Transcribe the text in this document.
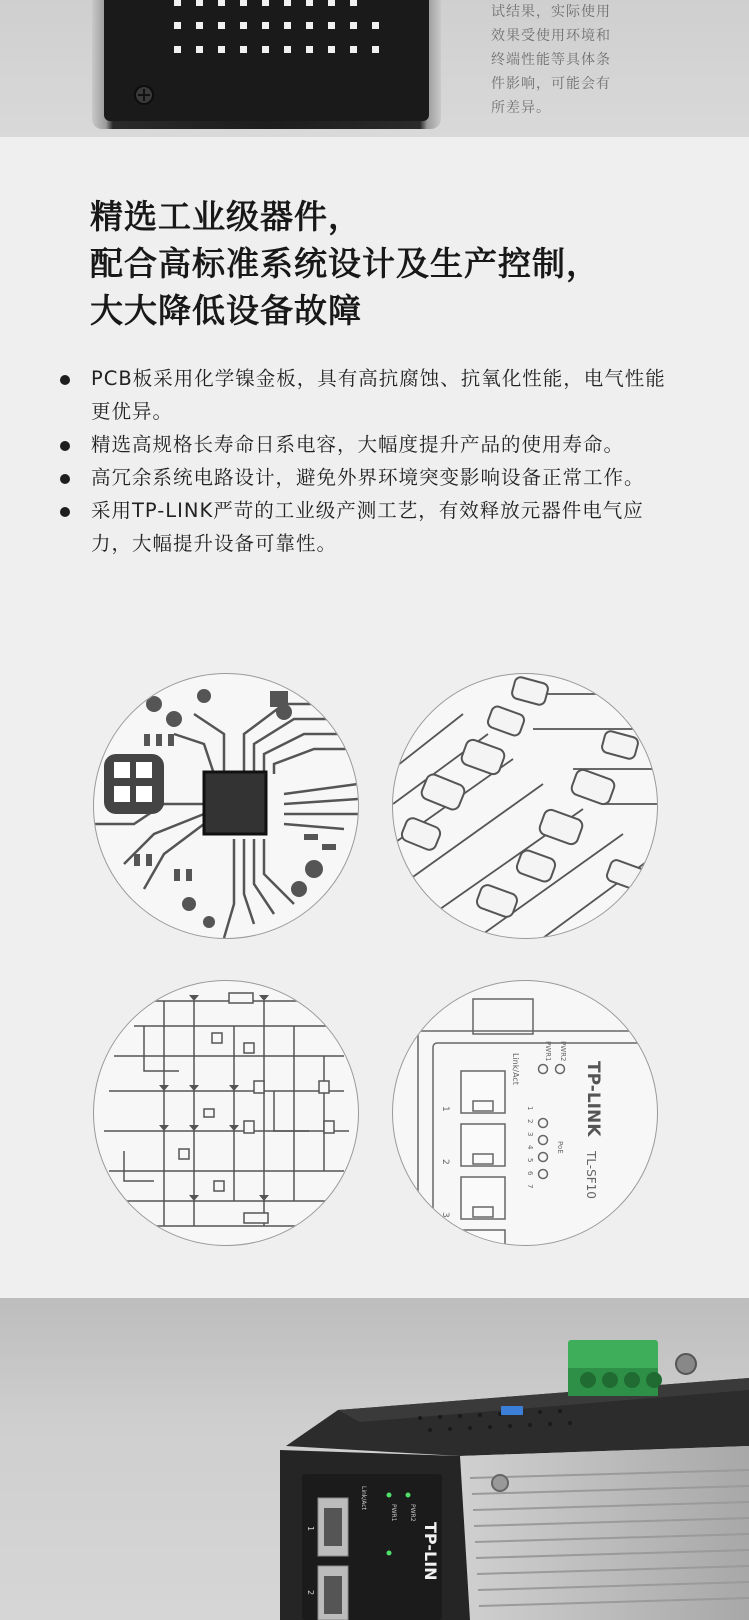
试结果，实际使用
效果受使用环境和
终端性能等具体条
件影响，可能会有
所差异。
精选工业级器件，
配合高标准系统设计及生产控制，
大大降低设备故障
PCB板采用化学镍金板，具有高抗腐蚀、抗氧化性能，电气性能更优异。
精选高规格长寿命日系电容，大幅度提升产品的使用寿命。
高冗余系统电路设计，避免外界环境突变影响设备正常工作。
采用TP-LINK严苛的工业级产测工艺，有效释放元器件电气应力，大幅提升设备可靠性。
1
2
3
Link/Act
PWR1 PWR2
PoE
1
2
3
4
5
6
7
TP-LINK
TL-SF10
1
2
Link/Act
PWR1 PWR2
TP-LIN
